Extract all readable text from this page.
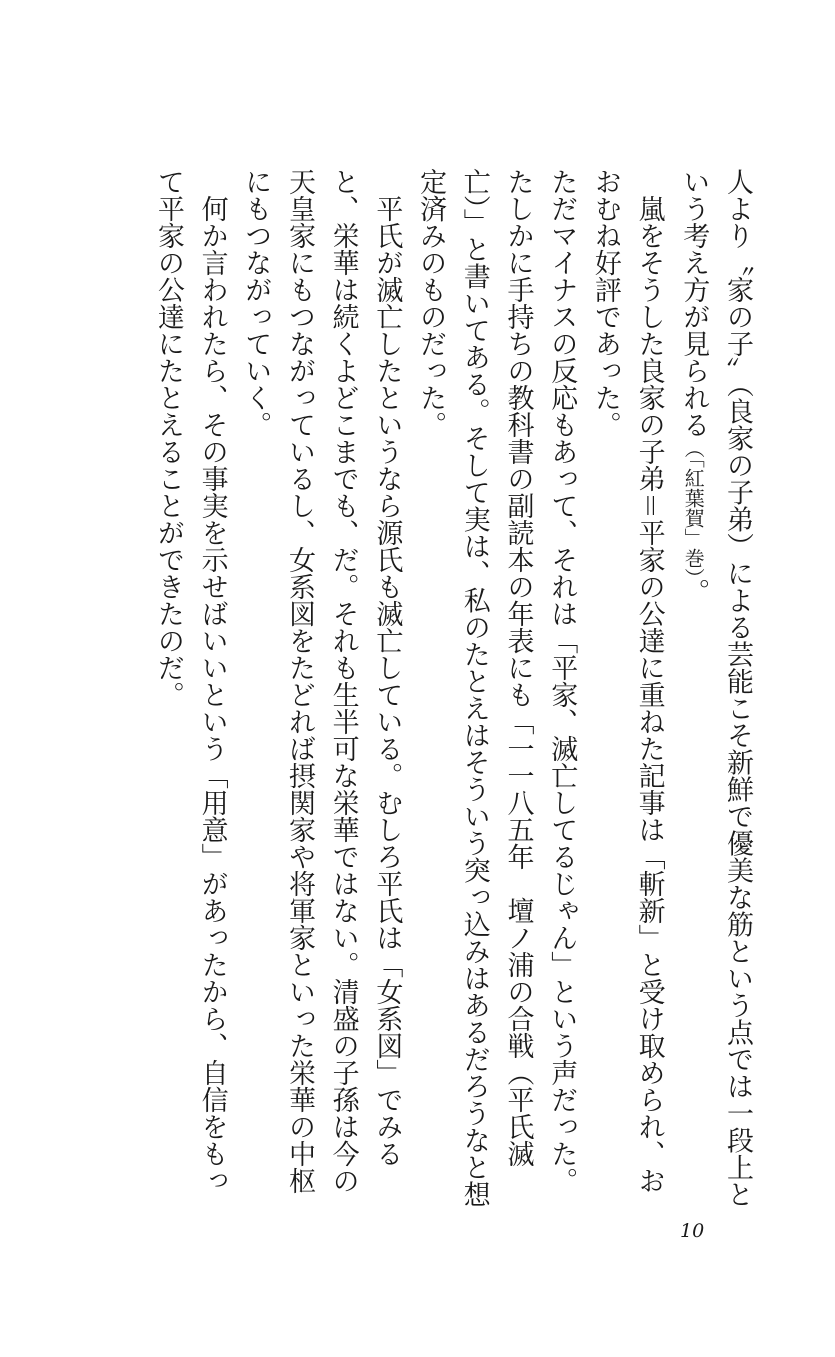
人より〝家の子〟（良家の子弟）による芸能こそ新鮮で優美な筋という点では一段上という考え方が見られる（「紅葉賀」巻）。

嵐をそうした良家の子弟＝平家の公達に重ねた記事は「斬新」と受け取められ、おおむね好評であった。

ただマイナスの反応もあって、それは「平家、滅亡してるじゃん」という声だった。たしかに手持ちの教科書の副読本の年表にも「一一八五年　壇ノ浦の合戦（平氏滅亡）」と書いてある。そして実は、私のたとえはそういう突っ込みはあるだろうなと想定済みのものだった。

平氏が滅亡したというなら源氏も滅亡している。むしろ平氏は「女系図」でみると、栄華は続くよどこまでも、だ。それも生半可な栄華ではない。清盛の子孫は今の天皇家にもつながっているし、女系図をたどれば摂関家や将軍家といった栄華の中枢にもつながっていく。

何か言われたら、その事実を示せばいいという「用意」があったから、自信をもって平家の公達にたとえることができたのだ。

10
